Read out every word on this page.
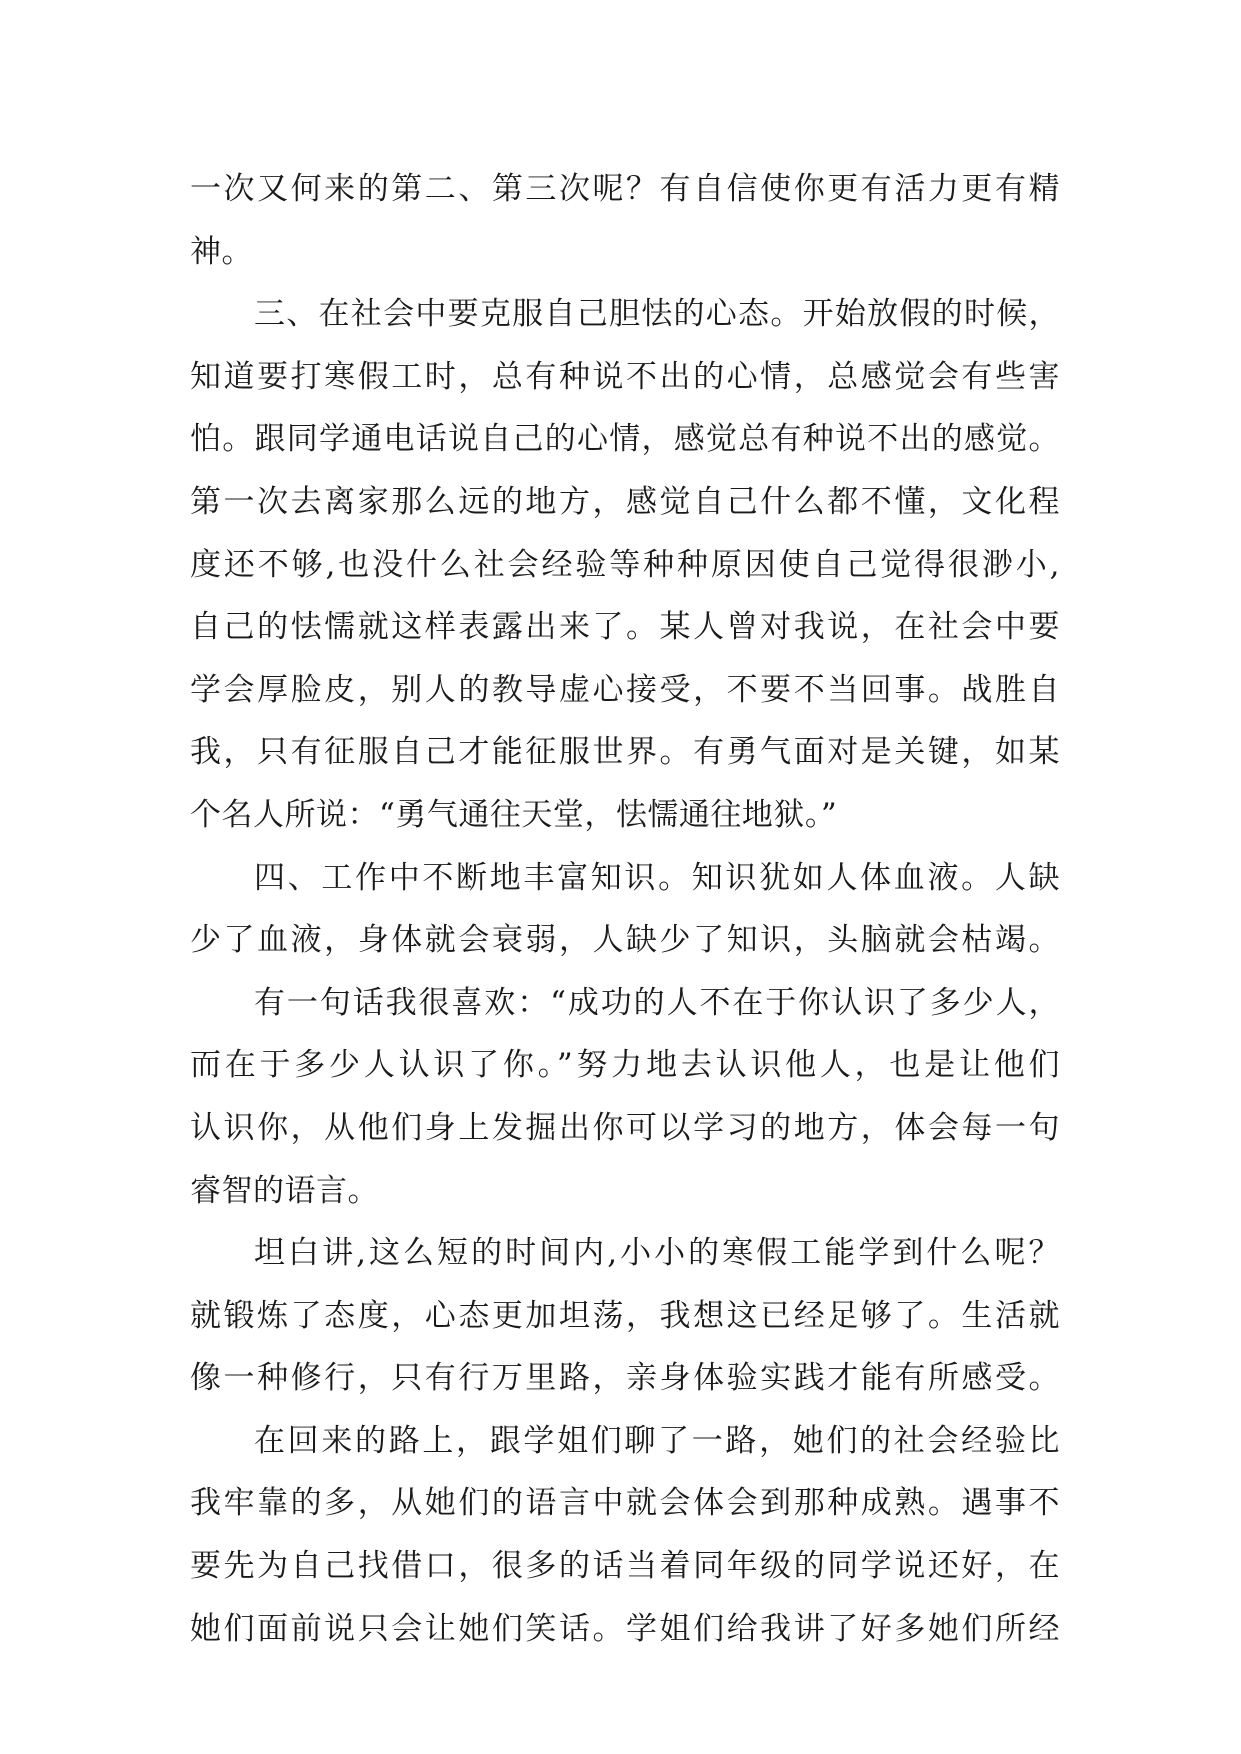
一次又何来的第二、第三次呢？有自信使你更有活力更有精
神。
三、在社会中要克服自己胆怯的心态。开始放假的时候，
知道要打寒假工时，总有种说不出的心情，总感觉会有些害
怕。跟同学通电话说自己的心情，感觉总有种说不出的感觉。
第一次去离家那么远的地方，感觉自己什么都不懂，文化程
度还不够,也没什么社会经验等种种原因使自己觉得很渺小,
自己的怯懦就这样表露出来了。某人曾对我说，在社会中要
学会厚脸皮，别人的教导虚心接受，不要不当回事。战胜自
我，只有征服自己才能征服世界。有勇气面对是关键，如某
个名人所说：“勇气通往天堂，怯懦通往地狱。”
四、工作中不断地丰富知识。知识犹如人体血液。人缺
少了血液，身体就会衰弱，人缺少了知识，头脑就会枯竭。
有一句话我很喜欢：“成功的人不在于你认识了多少人，
而在于多少人认识了你。”努力地去认识他人，也是让他们
认识你，从他们身上发掘出你可以学习的地方，体会每一句
睿智的语言。
坦白讲,这么短的时间内,小小的寒假工能学到什么呢？
就锻炼了态度，心态更加坦荡，我想这已经足够了。生活就
像一种修行，只有行万里路，亲身体验实践才能有所感受。
在回来的路上，跟学姐们聊了一路，她们的社会经验比
我牢靠的多，从她们的语言中就会体会到那种成熟。遇事不
要先为自己找借口，很多的话当着同年级的同学说还好，在
她们面前说只会让她们笑话。学姐们给我讲了好多她们所经
